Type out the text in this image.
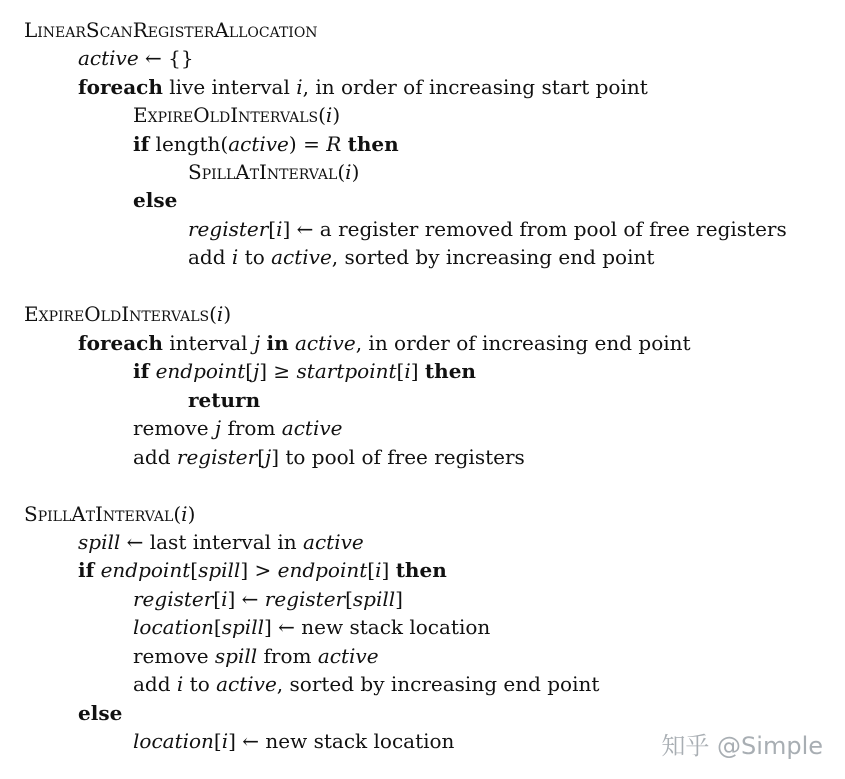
LinearScanRegisterAllocation
active ← {}
foreach live interval i, in order of increasing start point
ExpireOldIntervals(i)
if length(active) = R then
SpillAtInterval(i)
else
register[i] ← a register removed from pool of free registers
add i to active, sorted by increasing end point
ExpireOldIntervals(i)
foreach interval j in active, in order of increasing end point
if endpoint[j] ≥ startpoint[i] then
return
remove j from active
add register[j] to pool of free registers
SpillAtInterval(i)
spill ← last interval in active
if endpoint[spill] > endpoint[i] then
register[i] ← register[spill]
location[spill] ← new stack location
remove spill from active
add i to active, sorted by increasing end point
else
location[i] ← new stack location	知乎 @Simple
